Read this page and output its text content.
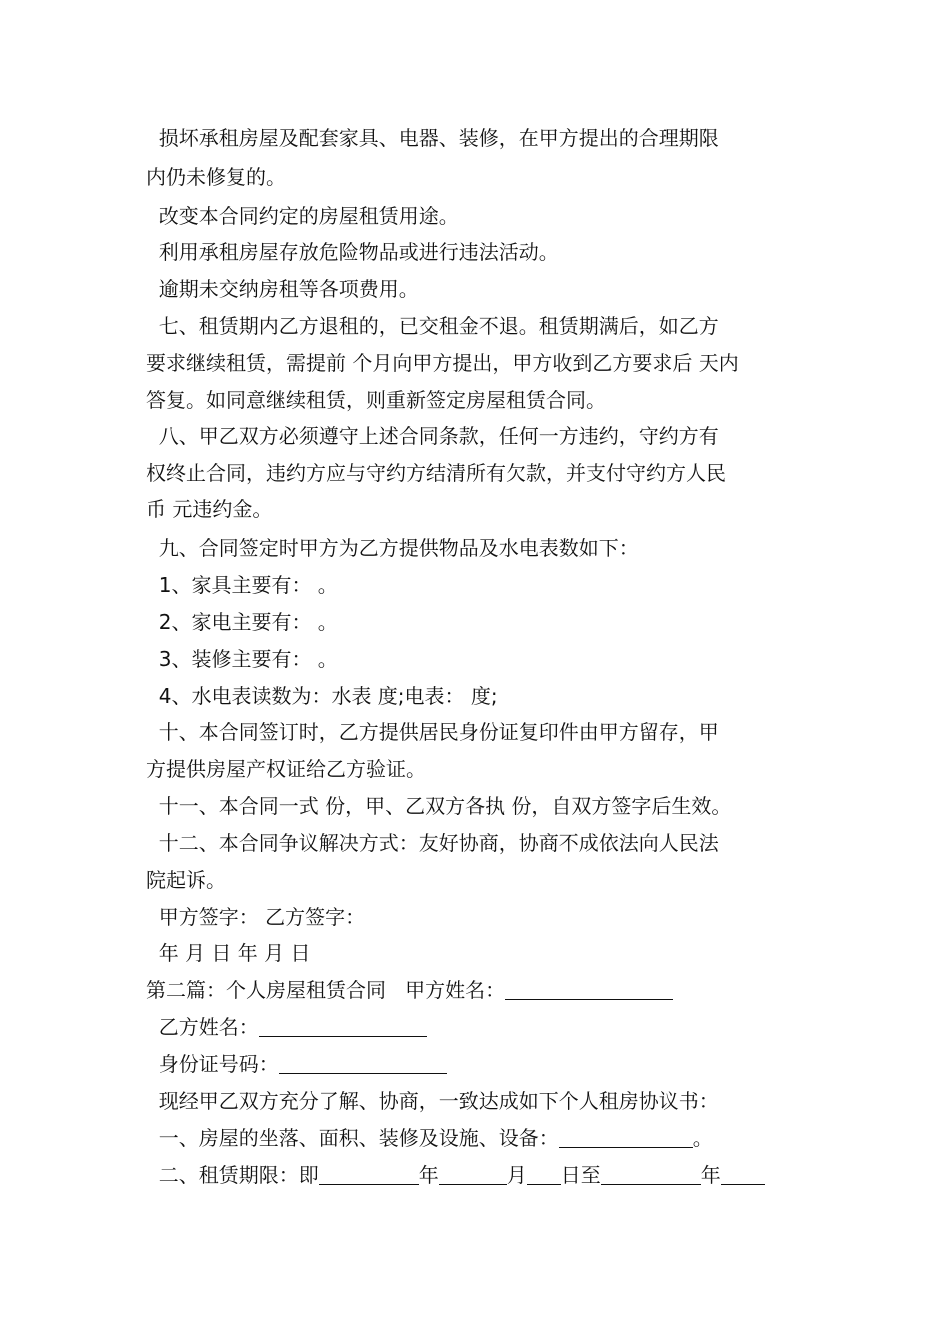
损坏承租房屋及配套家具、电器、装修，在甲方提出的合理期限
内仍未修复的。
改变本合同约定的房屋租赁用途。
利用承租房屋存放危险物品或进行违法活动。
逾期未交纳房租等各项费用。
七、租赁期内乙方退租的，已交租金不退。租赁期满后，如乙方
要求继续租赁，需提前 个月向甲方提出，甲方收到乙方要求后 天内
答复。如同意继续租赁，则重新签定房屋租赁合同。
八、甲乙双方必须遵守上述合同条款，任何一方违约，守约方有
权终止合同，违约方应与守约方结清所有欠款，并支付守约方人民
币 元违约金。
九、合同签定时甲方为乙方提供物品及水电表数如下：
1、家具主要有： 。
2、家电主要有： 。
3、装修主要有： 。
4、水电表读数为：水表 度;电表： 度;
十、本合同签订时，乙方提供居民身份证复印件由甲方留存，甲
方提供房屋产权证给乙方验证。
十一、本合同一式 份，甲、乙双方各执 份，自双方签字后生效。
十二、本合同争议解决方式：友好协商，协商不成依法向人民法
院起诉。
甲方签字： 乙方签字：
年 月 日 年 月 日
第二篇：个人房屋租赁合同 甲方姓名：
乙方姓名：
身份证号码：
现经甲乙双方充分了解、协商，一致达成如下个人租房协议书：
一、房屋的坐落、面积、装修及设施、设备：	。
二、租赁期限：即	年	月 日至	年
